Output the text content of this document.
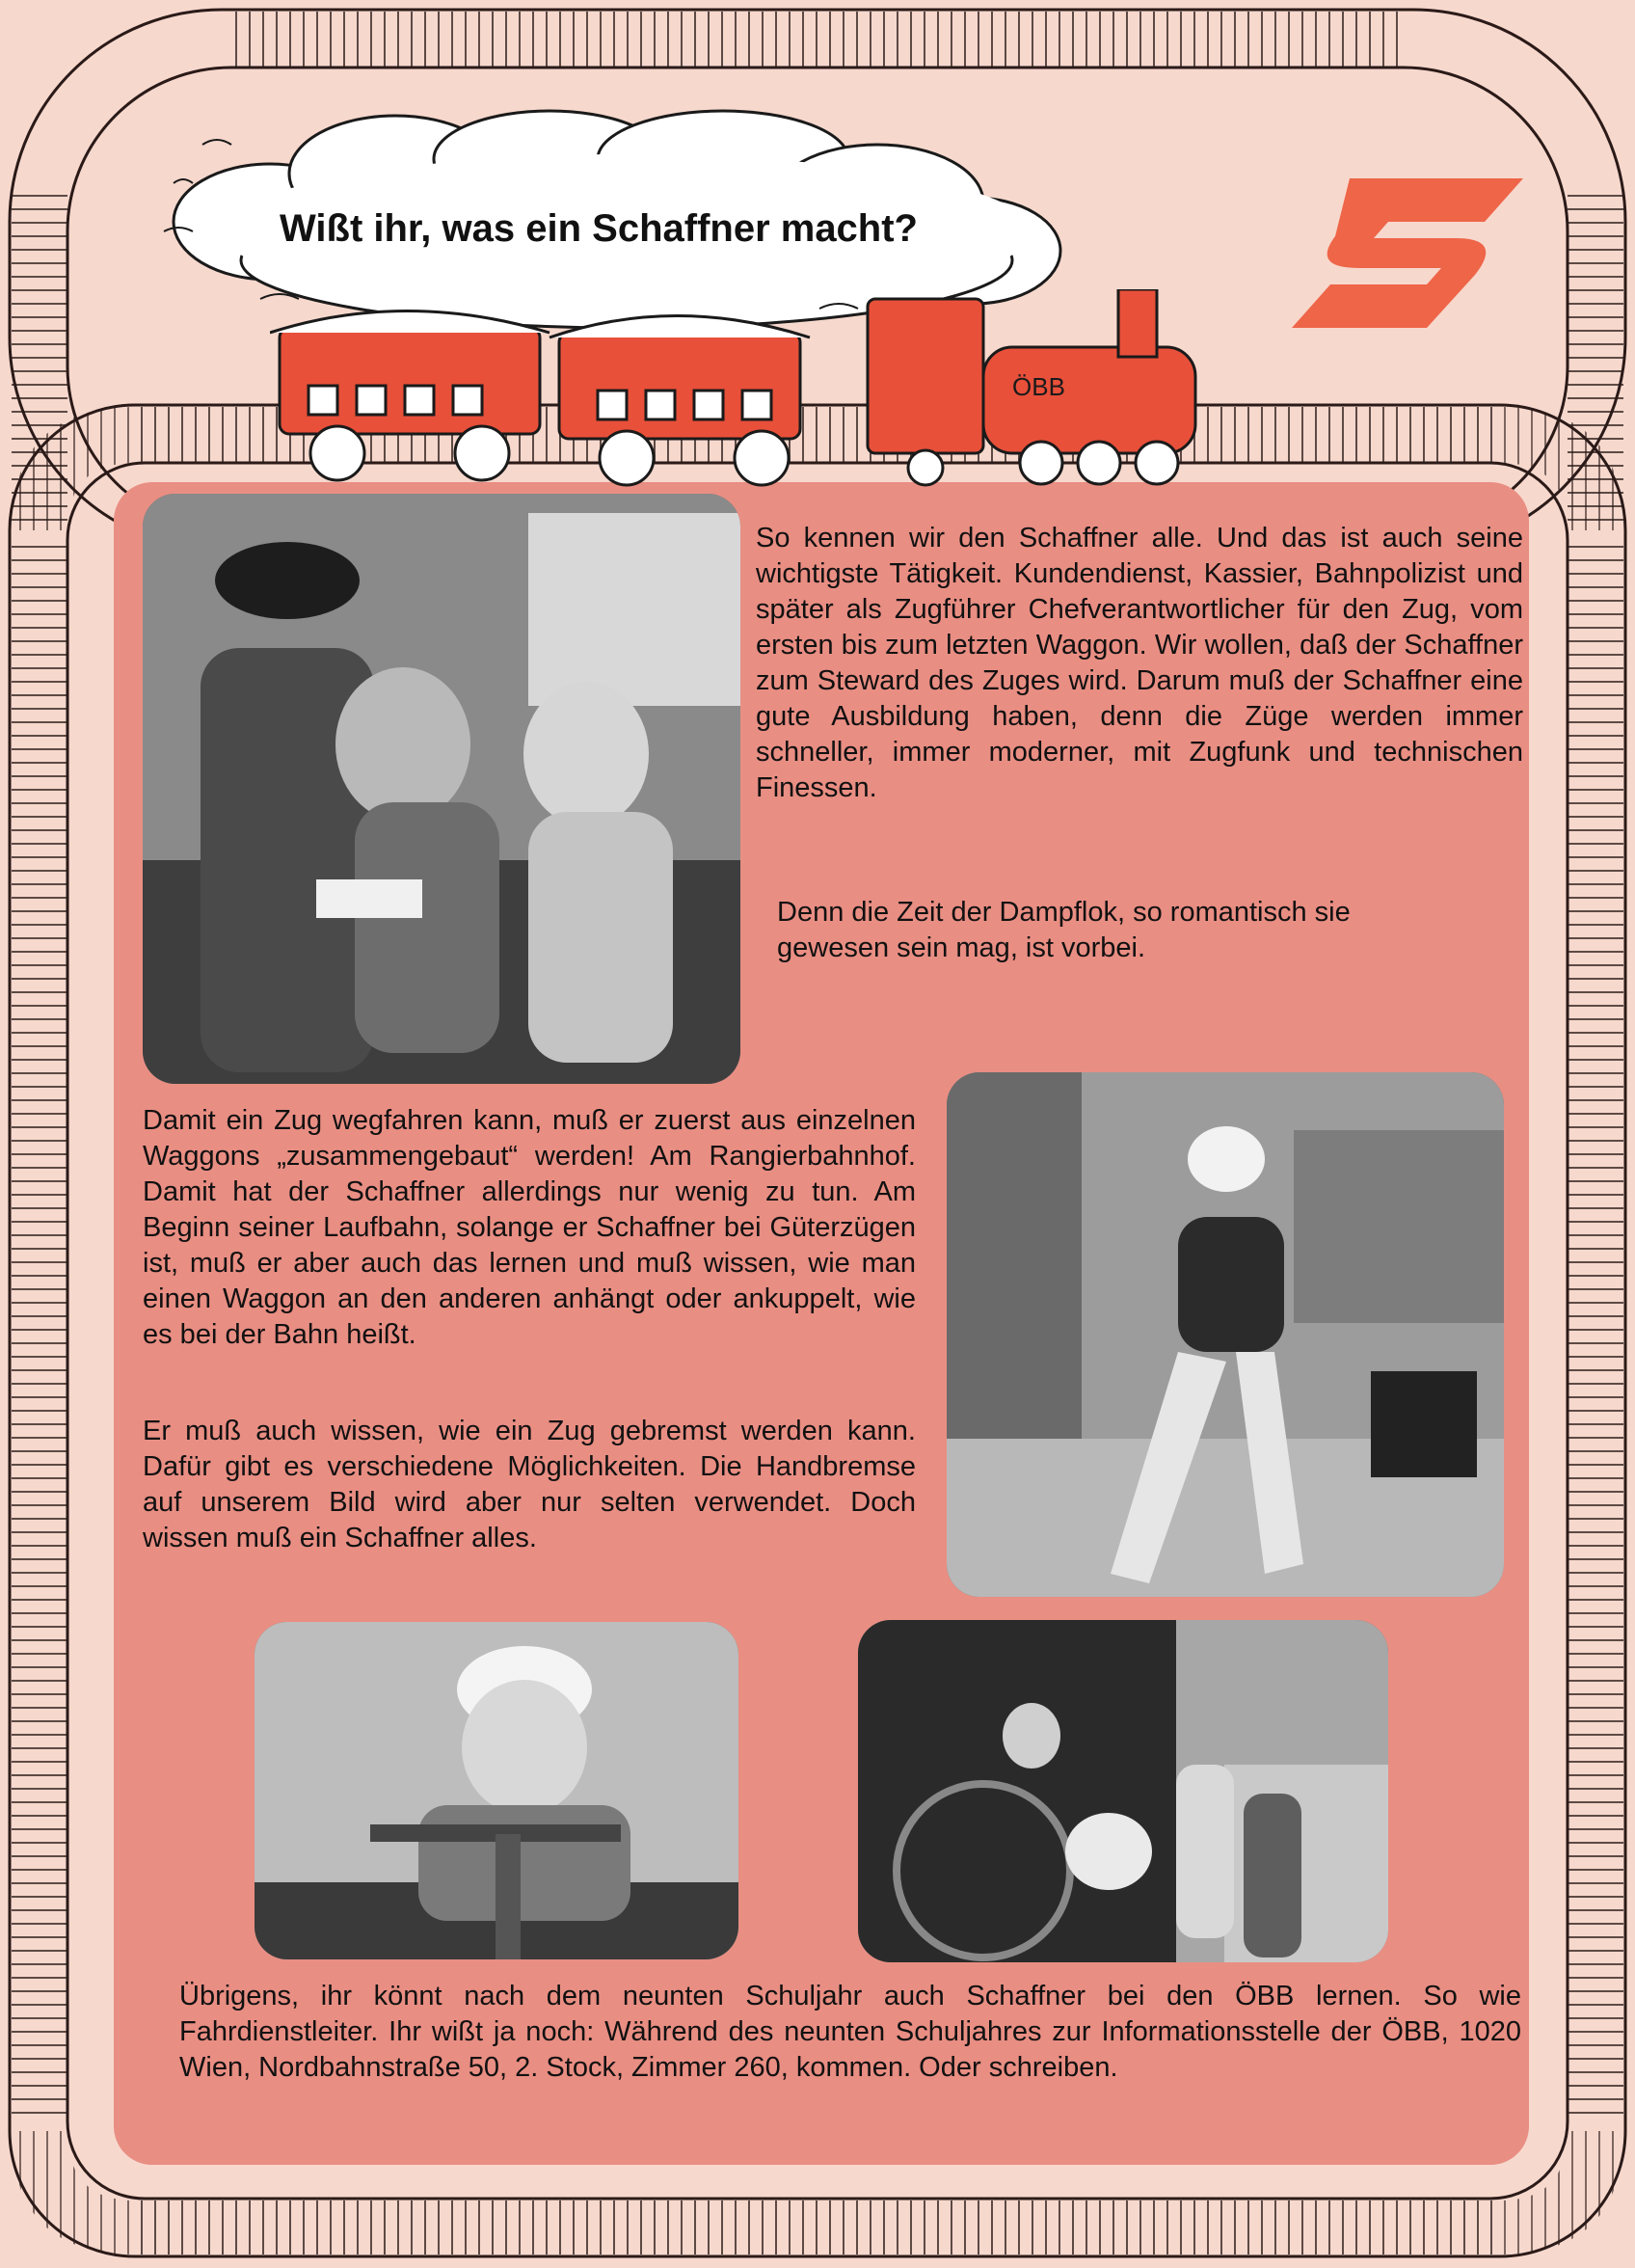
Wißt ihr, was ein Schaffner macht?
ÖBB

So kennen wir den Schaffner alle. Und das ist auch seine wichtigste Tätigkeit. Kundendienst, Kassier, Bahnpolizist und später als Zugführer Chefverantwortlicher für den Zug, vom ersten bis zum letzten Waggon. Wir wollen, daß der Schaffner zum Steward des Zuges wird. Darum muß der Schaffner eine gute Ausbildung haben, denn die Züge werden immer schneller, immer moderner, mit Zugfunk und technischen Finessen.

Denn die Zeit der Dampflok, so romantisch sie gewesen sein mag, ist vorbei.

Damit ein Zug wegfahren kann, muß er zuerst aus einzelnen Waggons „zusammengebaut“ werden! Am Rangierbahnhof. Damit hat der Schaffner allerdings nur wenig zu tun. Am Beginn seiner Laufbahn, solange er Schaffner bei Güterzügen ist, muß er aber auch das lernen und muß wissen, wie man einen Waggon an den anderen anhängt oder ankuppelt, wie es bei der Bahn heißt.

Er muß auch wissen, wie ein Zug gebremst werden kann. Dafür gibt es verschiedene Möglichkeiten. Die Handbremse auf unserem Bild wird aber nur selten verwendet. Doch wissen muß ein Schaffner alles.

Übrigens, ihr könnt nach dem neunten Schuljahr auch Schaffner bei den ÖBB lernen. So wie Fahrdienstleiter. Ihr wißt ja noch: Während des neunten Schuljahres zur Informationsstelle der ÖBB, 1020 Wien, Nordbahnstraße 50, 2. Stock, Zimmer 260, kommen. Oder schreiben.
